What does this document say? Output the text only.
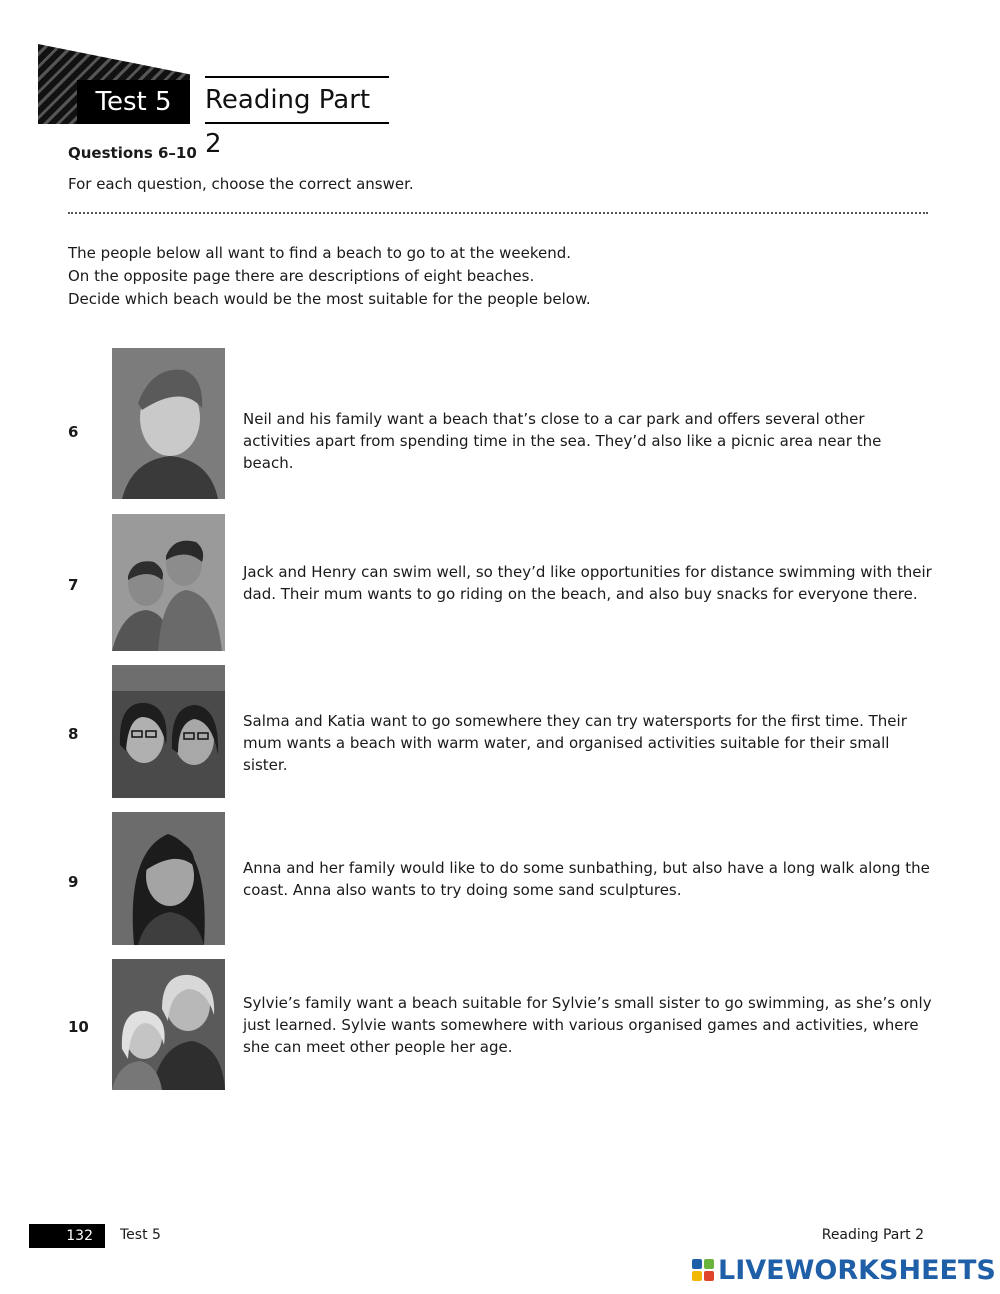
Test 5	Reading Part 2
Questions 6–10
For each question, choose the correct answer.
The people below all want to find a beach to go to at the weekend.
On the opposite page there are descriptions of eight beaches.
Decide which beach would be the most suitable for the people below.
6
Neil and his family want a beach that’s close to a car park and offers several other activities apart from spending time in the sea. They’d also like a picnic area near the beach.
7
Jack and Henry can swim well, so they’d like opportunities for distance swimming with their dad. Their mum wants to go riding on the beach, and also buy snacks for everyone there.
8
Salma and Katia want to go somewhere they can try watersports for the first time. Their mum wants a beach with warm water, and organised activities suitable for their small sister.
9
Anna and her family would like to do some sunbathing, but also have a long walk along the coast. Anna also wants to try doing some sand sculptures.
10
Sylvie’s family want a beach suitable for Sylvie’s small sister to go swimming, as she’s only just learned. Sylvie wants somewhere with various organised games and activities, where she can meet other people her age.
132	Test 5	Reading Part 2
LIVEWORKSHEETS
